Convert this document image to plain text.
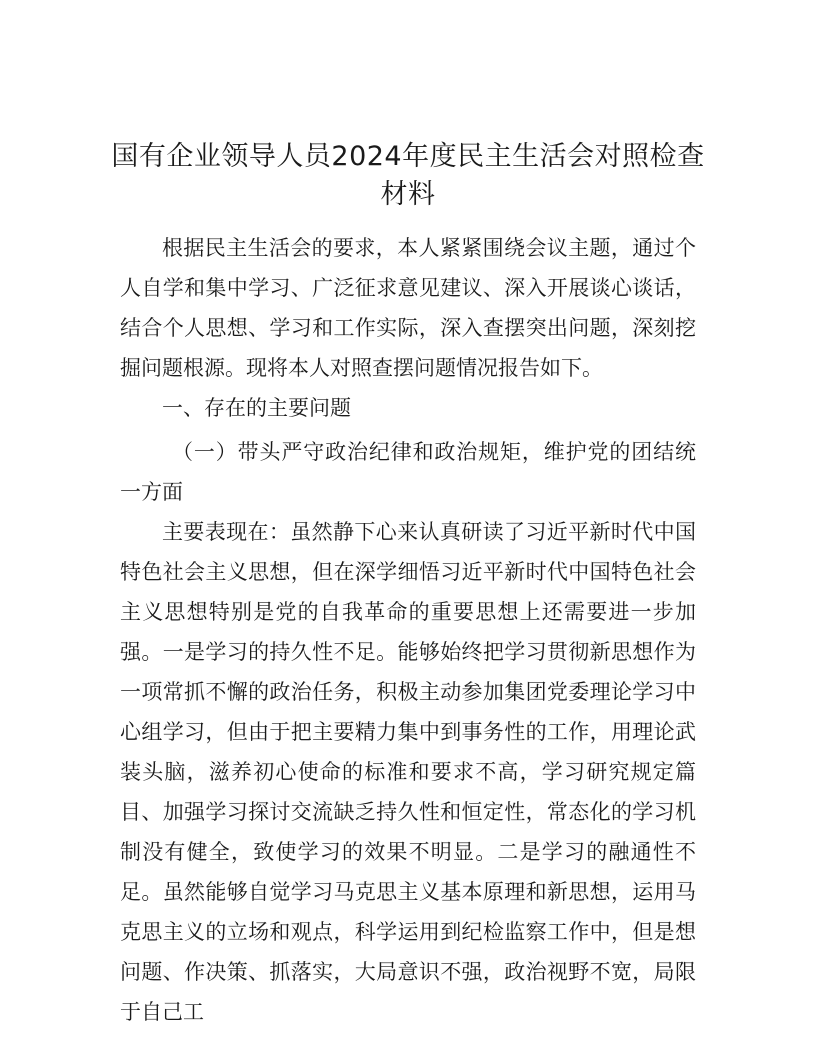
国有企业领导人员2024年度民主生活会对照检查材料

根据民主生活会的要求，本人紧紧围绕会议主题，通过个人自学和集中学习、广泛征求意见建议、深入开展谈心谈话，结合个人思想、学习和工作实际，深入查摆突出问题，深刻挖掘问题根源。现将本人对照查摆问题情况报告如下。

一、存在的主要问题

（一）带头严守政治纪律和政治规矩，维护党的团结统一方面

主要表现在：虽然静下心来认真研读了习近平新时代中国特色社会主义思想，但在深学细悟习近平新时代中国特色社会主义思想特别是党的自我革命的重要思想上还需要进一步加强。一是学习的持久性不足。能够始终把学习贯彻新思想作为一项常抓不懈的政治任务，积极主动参加集团党委理论学习中心组学习，但由于把主要精力集中到事务性的工作，用理论武装头脑，滋养初心使命的标准和要求不高，学习研究规定篇目、加强学习探讨交流缺乏持久性和恒定性，常态化的学习机制没有健全，致使学习的效果不明显。二是学习的融通性不足。虽然能够自觉学习马克思主义基本原理和新思想，运用马克思主义的立场和观点，科学运用到纪检监察工作中，但是想问题、作决策、抓落实，大局意识不强，政治视野不宽，局限于自己工
